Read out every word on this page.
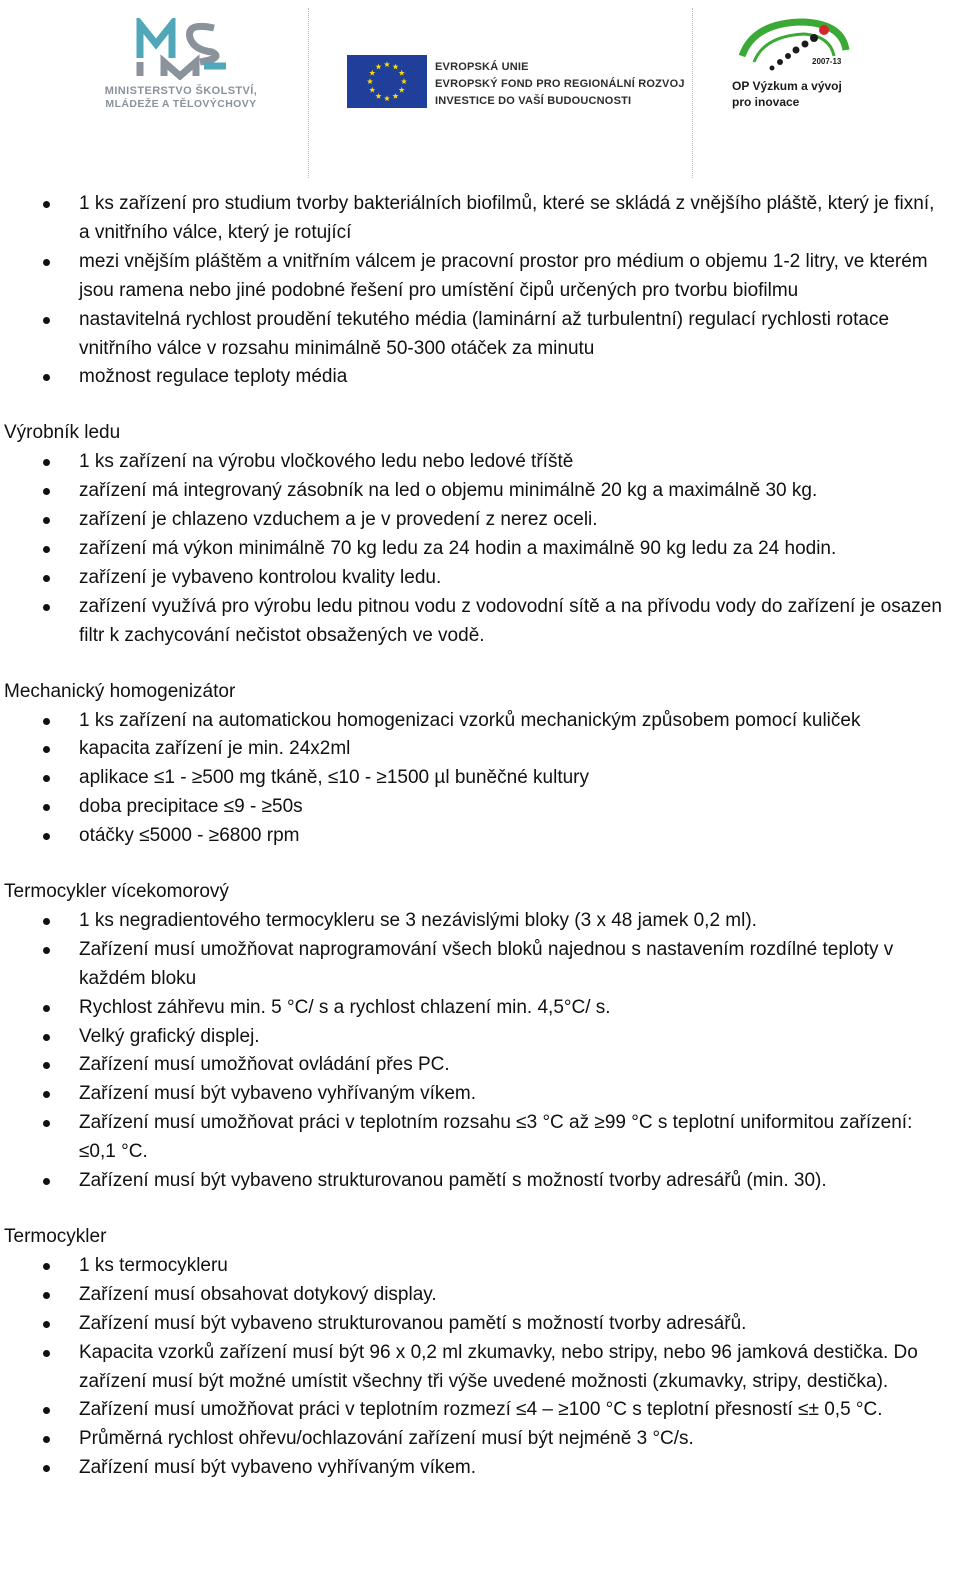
MINISTERSTVO ŠKOLSTVÍ,
MLÁDEŽE A TĚLOVÝCHOVY
EVROPSKÁ UNIE
EVROPSKÝ FOND PRO REGIONÁLNÍ ROZVOJ
INVESTICE DO VAŠÍ BUDOUCNOSTI
2007-13
OP Výzkum a vývoj
pro inovace
1 ks zařízení pro studium tvorby bakteriálních biofilmů, které se skládá z vnějšího pláště, který je fixní, a vnitřního válce, který je rotující
mezi vnějším pláštěm a vnitřním válcem je pracovní prostor pro médium o objemu 1-2 litry, ve kterém jsou ramena nebo jiné podobné řešení pro umístění čipů určených pro tvorbu biofilmu
nastavitelná rychlost proudění tekutého média (laminární až turbulentní) regulací rychlosti rotace vnitřního válce v rozsahu minimálně 50-300 otáček za minutu
možnost regulace teploty média
Výrobník ledu
1 ks zařízení na výrobu vločkového ledu nebo ledové tříště
zařízení má integrovaný zásobník na led o objemu minimálně 20 kg a maximálně 30 kg.
zařízení je chlazeno vzduchem a je v provedení z nerez oceli.
zařízení má výkon minimálně 70 kg ledu za 24 hodin a maximálně 90 kg ledu za 24 hodin.
zařízení je vybaveno kontrolou kvality ledu.
zařízení využívá pro výrobu ledu pitnou vodu z vodovodní sítě a na přívodu vody do zařízení je osazen filtr k zachycování nečistot obsažených ve vodě.
Mechanický homogenizátor
1 ks zařízení na automatickou homogenizaci vzorků mechanickým způsobem pomocí kuliček
kapacita zařízení je min. 24x2ml
aplikace ≤1 - ≥500 mg tkáně, ≤10 - ≥1500 µl buněčné kultury
doba precipitace ≤9 - ≥50s
otáčky ≤5000 - ≥6800 rpm
Termocykler vícekomorový
1 ks negradientového termocykleru se 3 nezávislými bloky (3 x 48 jamek 0,2 ml).
Zařízení musí umožňovat naprogramování všech bloků najednou s nastavením rozdílné teploty v každém bloku
Rychlost záhřevu min. 5 °C/ s a rychlost chlazení min. 4,5°C/ s.
Velký grafický displej.
Zařízení musí umožňovat ovládání přes PC.
Zařízení musí být vybaveno vyhřívaným víkem.
Zařízení musí umožňovat práci v teplotním rozsahu ≤3 °C až ≥99 °C s teplotní uniformitou zařízení: ≤0,1 °C.
Zařízení musí být vybaveno strukturovanou pamětí s možností tvorby adresářů (min. 30).
Termocykler
1 ks termocykleru
Zařízení musí obsahovat dotykový display.
Zařízení musí být vybaveno strukturovanou pamětí s možností tvorby adresářů.
Kapacita vzorků zařízení musí být 96 x 0,2 ml zkumavky, nebo stripy, nebo 96 jamková destička. Do zařízení musí být možné umístit všechny tři výše uvedené možnosti (zkumavky, stripy, destička).
Zařízení musí umožňovat práci v teplotním rozmezí ≤4 – ≥100 °C s teplotní přesností ≤± 0,5 °C.
Průměrná rychlost ohřevu/ochlazování zařízení musí být nejméně 3 °C/s.
Zařízení musí být vybaveno vyhřívaným víkem.
